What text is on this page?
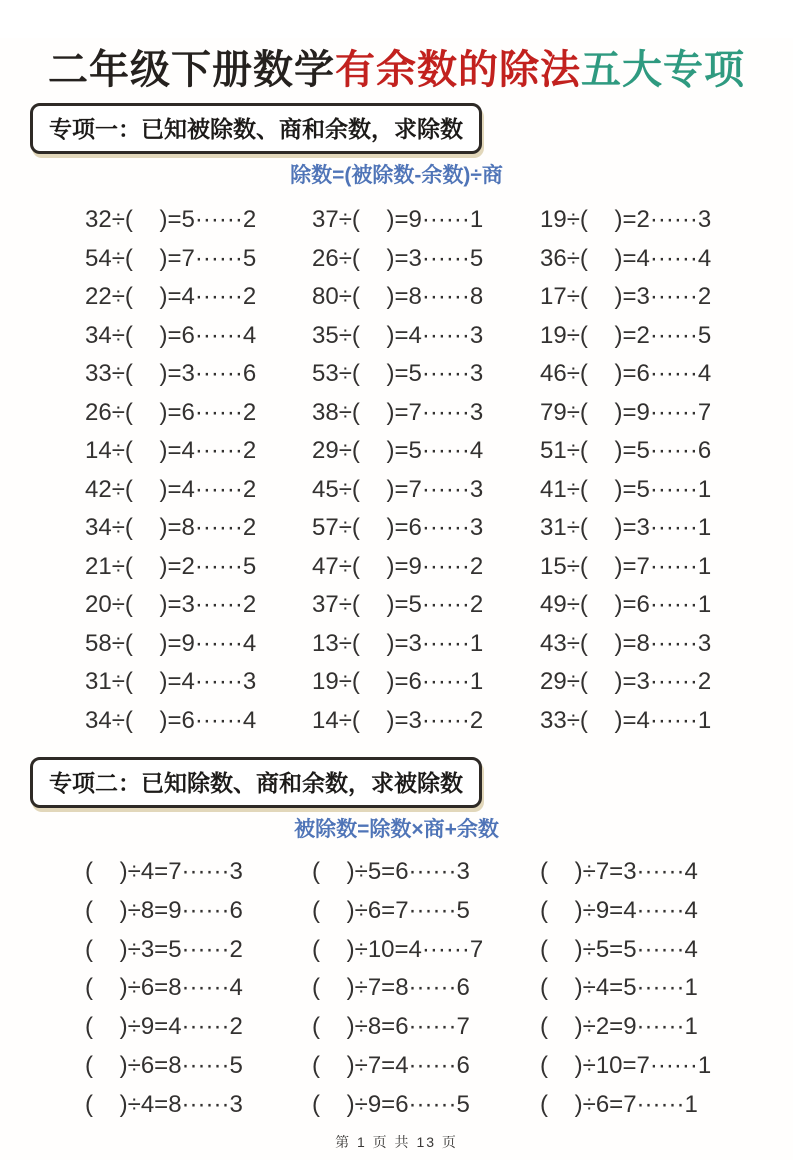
二年级下册数学有余数的除法五大专项
专项一：已知被除数、商和余数，求除数
除数=(被除数-余数)÷商
32÷(    )=5······2	37÷(    )=9······1	19÷(    )=2······3
54÷(    )=7······5	26÷(    )=3······5	36÷(    )=4······4
22÷(    )=4······2	80÷(    )=8······8	17÷(    )=3······2
34÷(    )=6······4	35÷(    )=4······3	19÷(    )=2······5
33÷(    )=3······6	53÷(    )=5······3	46÷(    )=6······4
26÷(    )=6······2	38÷(    )=7······3	79÷(    )=9······7
14÷(    )=4······2	29÷(    )=5······4	51÷(    )=5······6
42÷(    )=4······2	45÷(    )=7······3	41÷(    )=5······1
34÷(    )=8······2	57÷(    )=6······3	31÷(    )=3······1
21÷(    )=2······5	47÷(    )=9······2	15÷(    )=7······1
20÷(    )=3······2	37÷(    )=5······2	49÷(    )=6······1
58÷(    )=9······4	13÷(    )=3······1	43÷(    )=8······3
31÷(    )=4······3	19÷(    )=6······1	29÷(    )=3······2
34÷(    )=6······4	14÷(    )=3······2	33÷(    )=4······1
专项二：已知除数、商和余数，求被除数
被除数=除数×商+余数
(    )÷4=7······3	(    )÷5=6······3	(    )÷7=3······4
(    )÷8=9······6	(    )÷6=7······5	(    )÷9=4······4
(    )÷3=5······2	(    )÷10=4······7	(    )÷5=5······4
(    )÷6=8······4	(    )÷7=8······6	(    )÷4=5······1
(    )÷9=4······2	(    )÷8=6······7	(    )÷2=9······1
(    )÷6=8······5	(    )÷7=4······6	(    )÷10=7······1
(    )÷4=8······3	(    )÷9=6······5	(    )÷6=7······1
第 1 页 共 13 页
